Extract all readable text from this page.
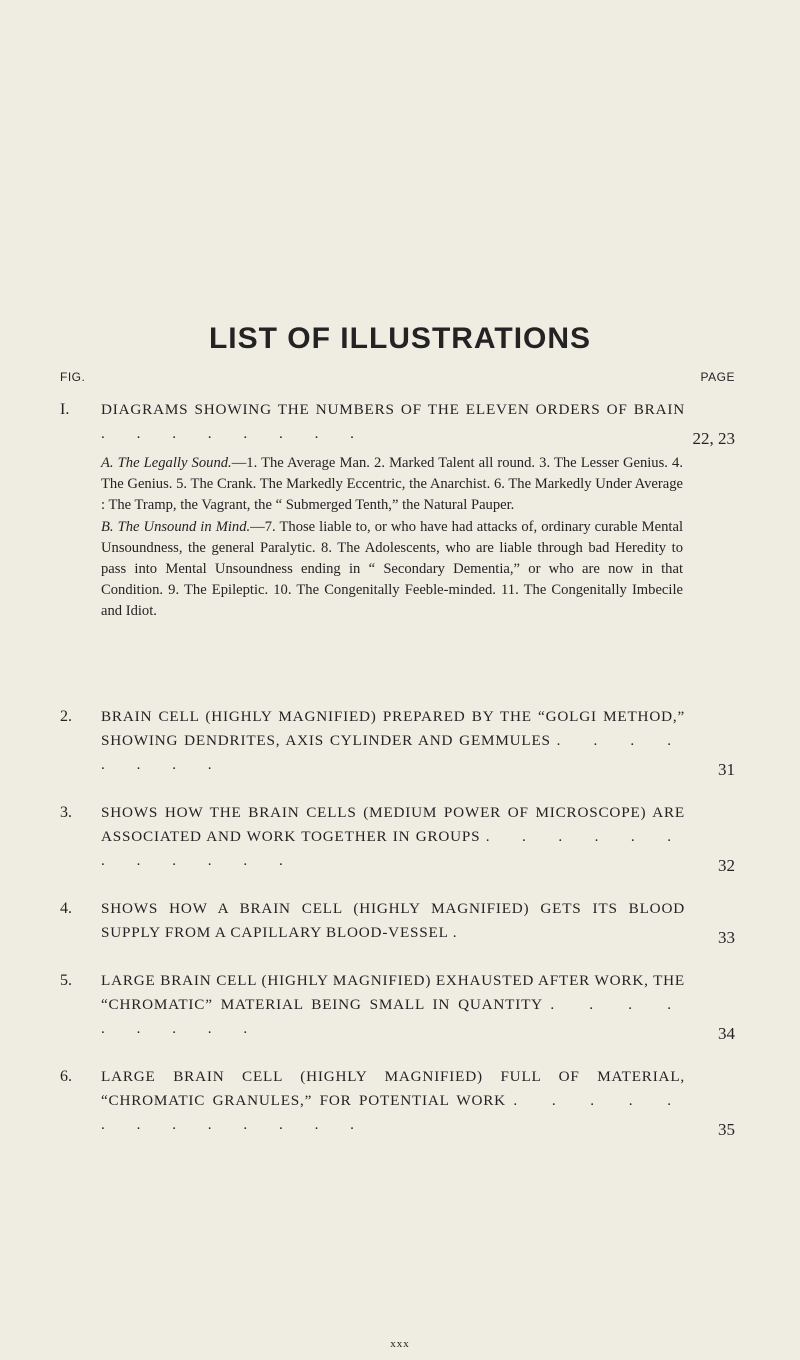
LIST OF ILLUSTRATIONS
FIG.	PAGE
I.	DIAGRAMS SHOWING THE NUMBERS OF THE ELEVEN ORDERS OF BRAIN . . . . . . . .	22, 23

A. The Legally Sound.—1. The Average Man. 2. Marked Talent all round. 3. The Lesser Genius. 4. The Genius. 5. The Crank. The Markedly Eccentric, the Anarchist. 6. The Markedly Under Average : The Tramp, the Vagrant, the “ Submerged Tenth,” the Natural Pauper.

B. The Unsound in Mind.—7. Those liable to, or who have had attacks of, ordinary curable Mental Unsoundness, the general Paralytic. 8. The Adolescents, who are liable through bad Heredity to pass into Mental Unsoundness ending in “ Secondary Dementia,” or who are now in that Condition. 9. The Epileptic. 10. The Congenitally Feeble-minded. 11. The Congenitally Imbecile and Idiot.

2.	BRAIN CELL (HIGHLY MAGNIFIED) PREPARED BY THE “GOLGI METHOD,” SHOWING DENDRITES, AXIS CYLINDER AND GEMMULES . . . . . . . .	31
3.	SHOWS HOW THE BRAIN CELLS (MEDIUM POWER OF MICROSCOPE) ARE ASSOCIATED AND WORK TOGETHER IN GROUPS . . . . . . . . . . . .	32
4.	SHOWS HOW A BRAIN CELL (HIGHLY MAGNIFIED) GETS ITS BLOOD SUPPLY FROM A CAPILLARY BLOOD-VESSEL .	33
5.	LARGE BRAIN CELL (HIGHLY MAGNIFIED) EXHAUSTED AFTER WORK, THE “CHROMATIC” MATERIAL BEING SMALL IN QUANTITY . . . . . . . . .	34
6.	LARGE BRAIN CELL (HIGHLY MAGNIFIED) FULL OF MATERIAL, “CHROMATIC GRANULES,” FOR POTENTIAL WORK . . . . . . . . . . . . .	35
xxx
